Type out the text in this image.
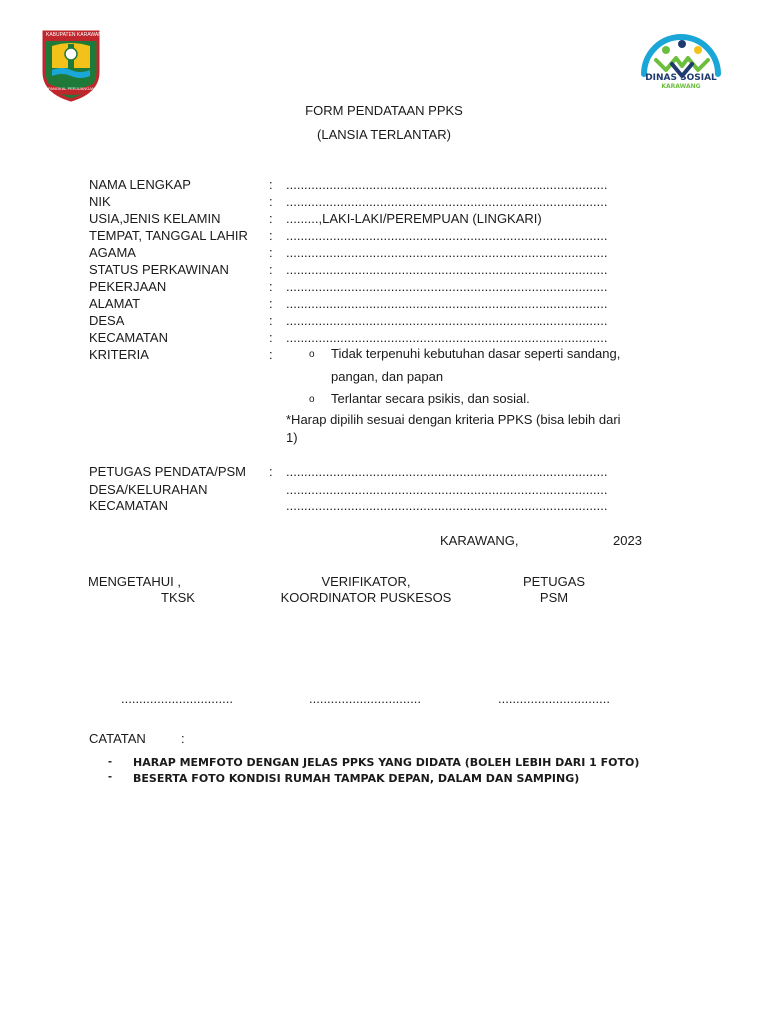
KABUPATEN KARAWANG
PANGKAL PERJUANGAN
DINAS SOSIAL
KARAWANG
FORM PENDATAAN PPKS
(LANSIA TERLANTAR)
NAMA LENGKAP	: .........................................................................................
NIK	: .........................................................................................
USIA,JENIS KELAMIN	: .........,LAKI-LAKI/PEREMPUAN (LINGKARI)
TEMPAT, TANGGAL LAHIR : .........................................................................................
AGAMA	: .........................................................................................
STATUS PERKAWINAN	: .........................................................................................
PEKERJAAN	: .........................................................................................
ALAMAT	: .........................................................................................
DESA	: .........................................................................................
KECAMATAN	: .........................................................................................
KRITERIA	:	o Tidak terpenuhi kebutuhan dasar seperti sandang,
pangan, dan papan
o Terlantar secara psikis, dan sosial.
*Harap dipilih sesuai dengan kriteria PPKS (bisa lebih dari
1)
PETUGAS PENDATA/PSM : .........................................................................................
DESA/KELURAHAN	.........................................................................................
KECAMATAN	.........................................................................................
KARAWANG,	2023
MENGETAHUI ,
TKSK
VERIFIKATOR,
KOORDINATOR PUSKESOS
PETUGAS
PSM
...............................	...............................	...............................
CATATAN	:
- HARAP MEMFOTO DENGAN JELAS PPKS YANG DIDATA (BOLEH LEBIH DARI 1 FOTO)
- BESERTA FOTO KONDISI RUMAH TAMPAK DEPAN, DALAM DAN SAMPING)
